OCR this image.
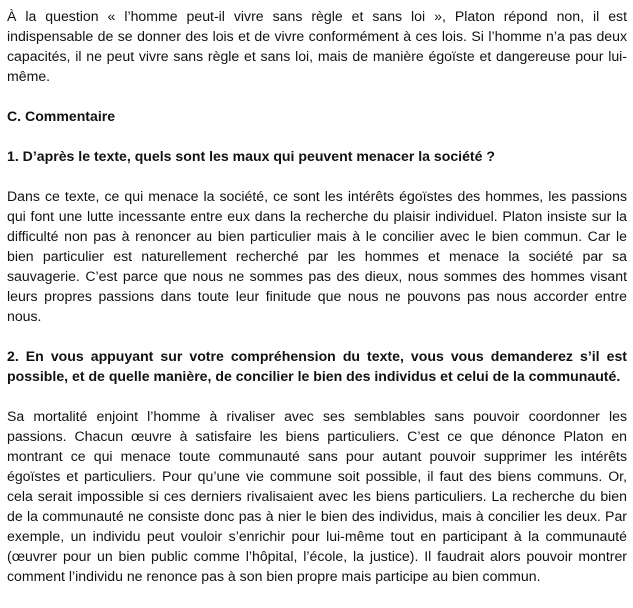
À la question « l’homme peut-il vivre sans règle et sans loi », Platon répond non, il est indispensable de se donner des lois et de vivre conformément à ces lois. Si l’homme n’a pas deux capacités, il ne peut vivre sans règle et sans loi, mais de manière égoïste et dangereuse pour lui-même.

C. Commentaire

1. D’après le texte, quels sont les maux qui peuvent menacer la société ?

Dans ce texte, ce qui menace la société, ce sont les intérêts égoïstes des hommes, les passions qui font une lutte incessante entre eux dans la recherche du plaisir individuel. Platon insiste sur la difficulté non pas à renoncer au bien particulier mais à le concilier avec le bien commun. Car le bien particulier est naturellement recherché par les hommes et menace la société par sa sauvagerie. C’est parce que nous ne sommes pas des dieux, nous sommes des hommes visant leurs propres passions dans toute leur finitude que nous ne pouvons pas nous accorder entre nous.

2. En vous appuyant sur votre compréhension du texte, vous vous demanderez s’il est possible, et de quelle manière, de concilier le bien des individus et celui de la communauté.

Sa mortalité enjoint l’homme à rivaliser avec ses semblables sans pouvoir coordonner les passions. Chacun œuvre à satisfaire les biens particuliers. C’est ce que dénonce Platon en montrant ce qui menace toute communauté sans pour autant pouvoir supprimer les intérêts égoïstes et particuliers. Pour qu’une vie commune soit possible, il faut des biens communs. Or, cela serait impossible si ces derniers rivalisaient avec les biens particuliers. La recherche du bien de la communauté ne consiste donc pas à nier le bien des individus, mais à concilier les deux. Par exemple, un individu peut vouloir s’enrichir pour lui-même tout en participant à la communauté (œuvrer pour un bien public comme l’hôpital, l’école, la justice). Il faudrait alors pouvoir montrer comment l’individu ne renonce pas à son bien propre mais participe au bien commun.
